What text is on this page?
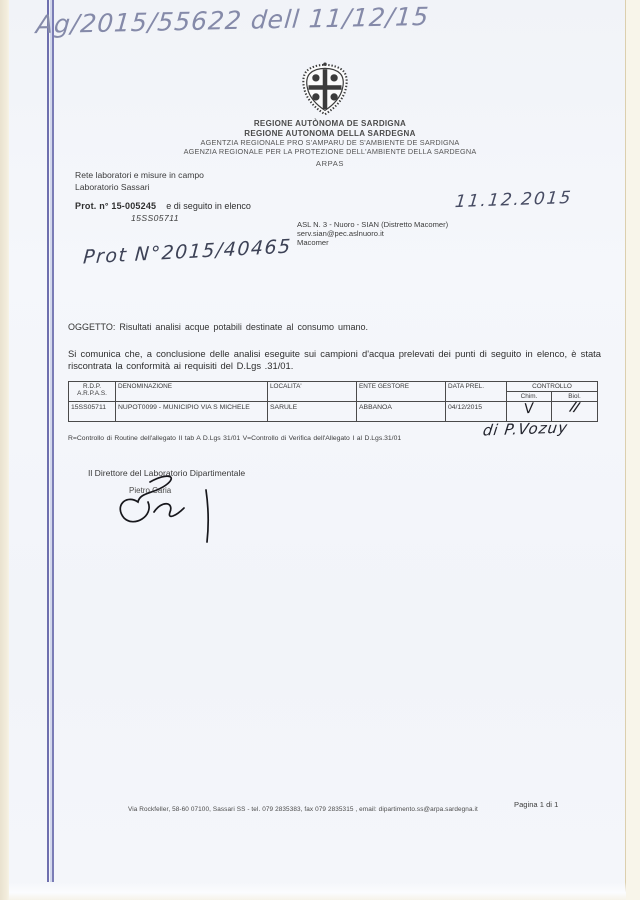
Ag/2015/55622 dell 11/12/15
REGIONE AUTÒNOMA DE SARDIGNA
REGIONE AUTONOMA DELLA SARDEGNA
AGENTZIA REGIONALE PRO S'AMPARU DE S'AMBIENTE DE SARDIGNA
AGENZIA REGIONALE PER LA PROTEZIONE DELL'AMBIENTE DELLA SARDEGNA
ARPAS
Rete laboratori e misure in campo
Laboratorio Sassari
Prot. n° 15-005245 e di seguito in elenco
15SS05711
11.12.2015
ASL N. 3 - Nuoro - SIAN (Distretto Macomer)
serv.sian@pec.aslnuoro.it
Macomer
Prot N°2015/40465
OGGETTO: Risultati analisi acque potabili destinate al consumo umano.
Si comunica che, a conclusione delle analisi eseguite sui campioni d'acqua prelevati dei punti di seguito in elenco, è stata riscontrata la conformità ai requisiti del D.Lgs .31/01.
R.D.P.
A.R.P.A.S.	DENOMINAZIONE	LOCALITA'	ENTE GESTORE	DATA PREL.	CONTROLLO	
					Chim.	Biol.
15SS05711	NUPOT0099 - MUNICIPIO VIA S MICHELE	SARULE	ABBANOA	04/12/2015	V	//
R=Controllo di Routine dell'allegato II tab A D.Lgs 31/01 V=Controllo di Verifica dell'Allegato I al D.Lgs.31/01	di P.Vozuy
Il Direttore del Laboratorio Dipartimentale
Pietro Caria
Via Rockfeller, 58-60 07100, Sassari SS - tel. 079 2835383, fax 079 2835315 , email: dipartimento.ss@arpa.sardegna.it
Pagina 1 di 1
